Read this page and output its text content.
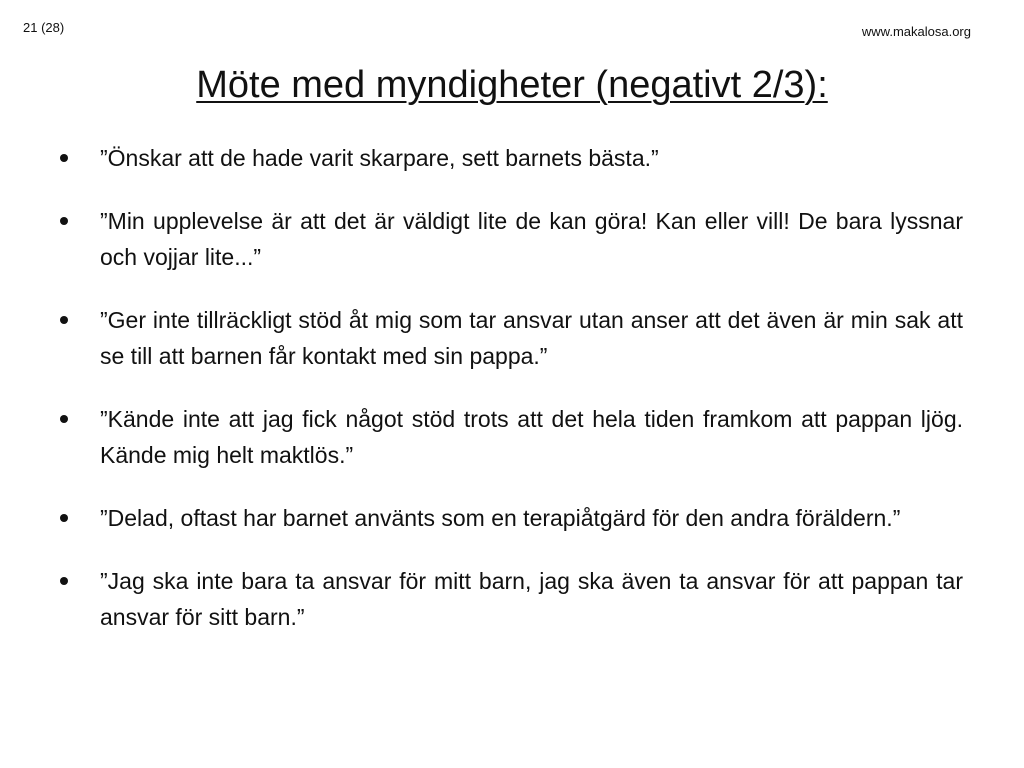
21 (28)	www.makalosa.org
Möte med myndigheter (negativt 2/3):
”Önskar att de hade varit skarpare, sett barnets bästa.”
”Min upplevelse är att det är väldigt lite de kan göra! Kan eller vill! De bara lyssnar och vojjar lite...”
”Ger inte tillräckligt stöd åt mig som tar ansvar utan anser att det även är min sak att se till att barnen får kontakt med sin pappa.”
”Kände inte att jag fick något stöd trots att det hela tiden framkom att pappan ljög. Kände mig helt maktlös.”
”Delad, oftast har barnet använts som en terapiåtgärd för den andra föräldern.”
”Jag ska inte bara ta ansvar för mitt barn, jag ska även ta ansvar för att pappan tar ansvar för sitt barn.”
